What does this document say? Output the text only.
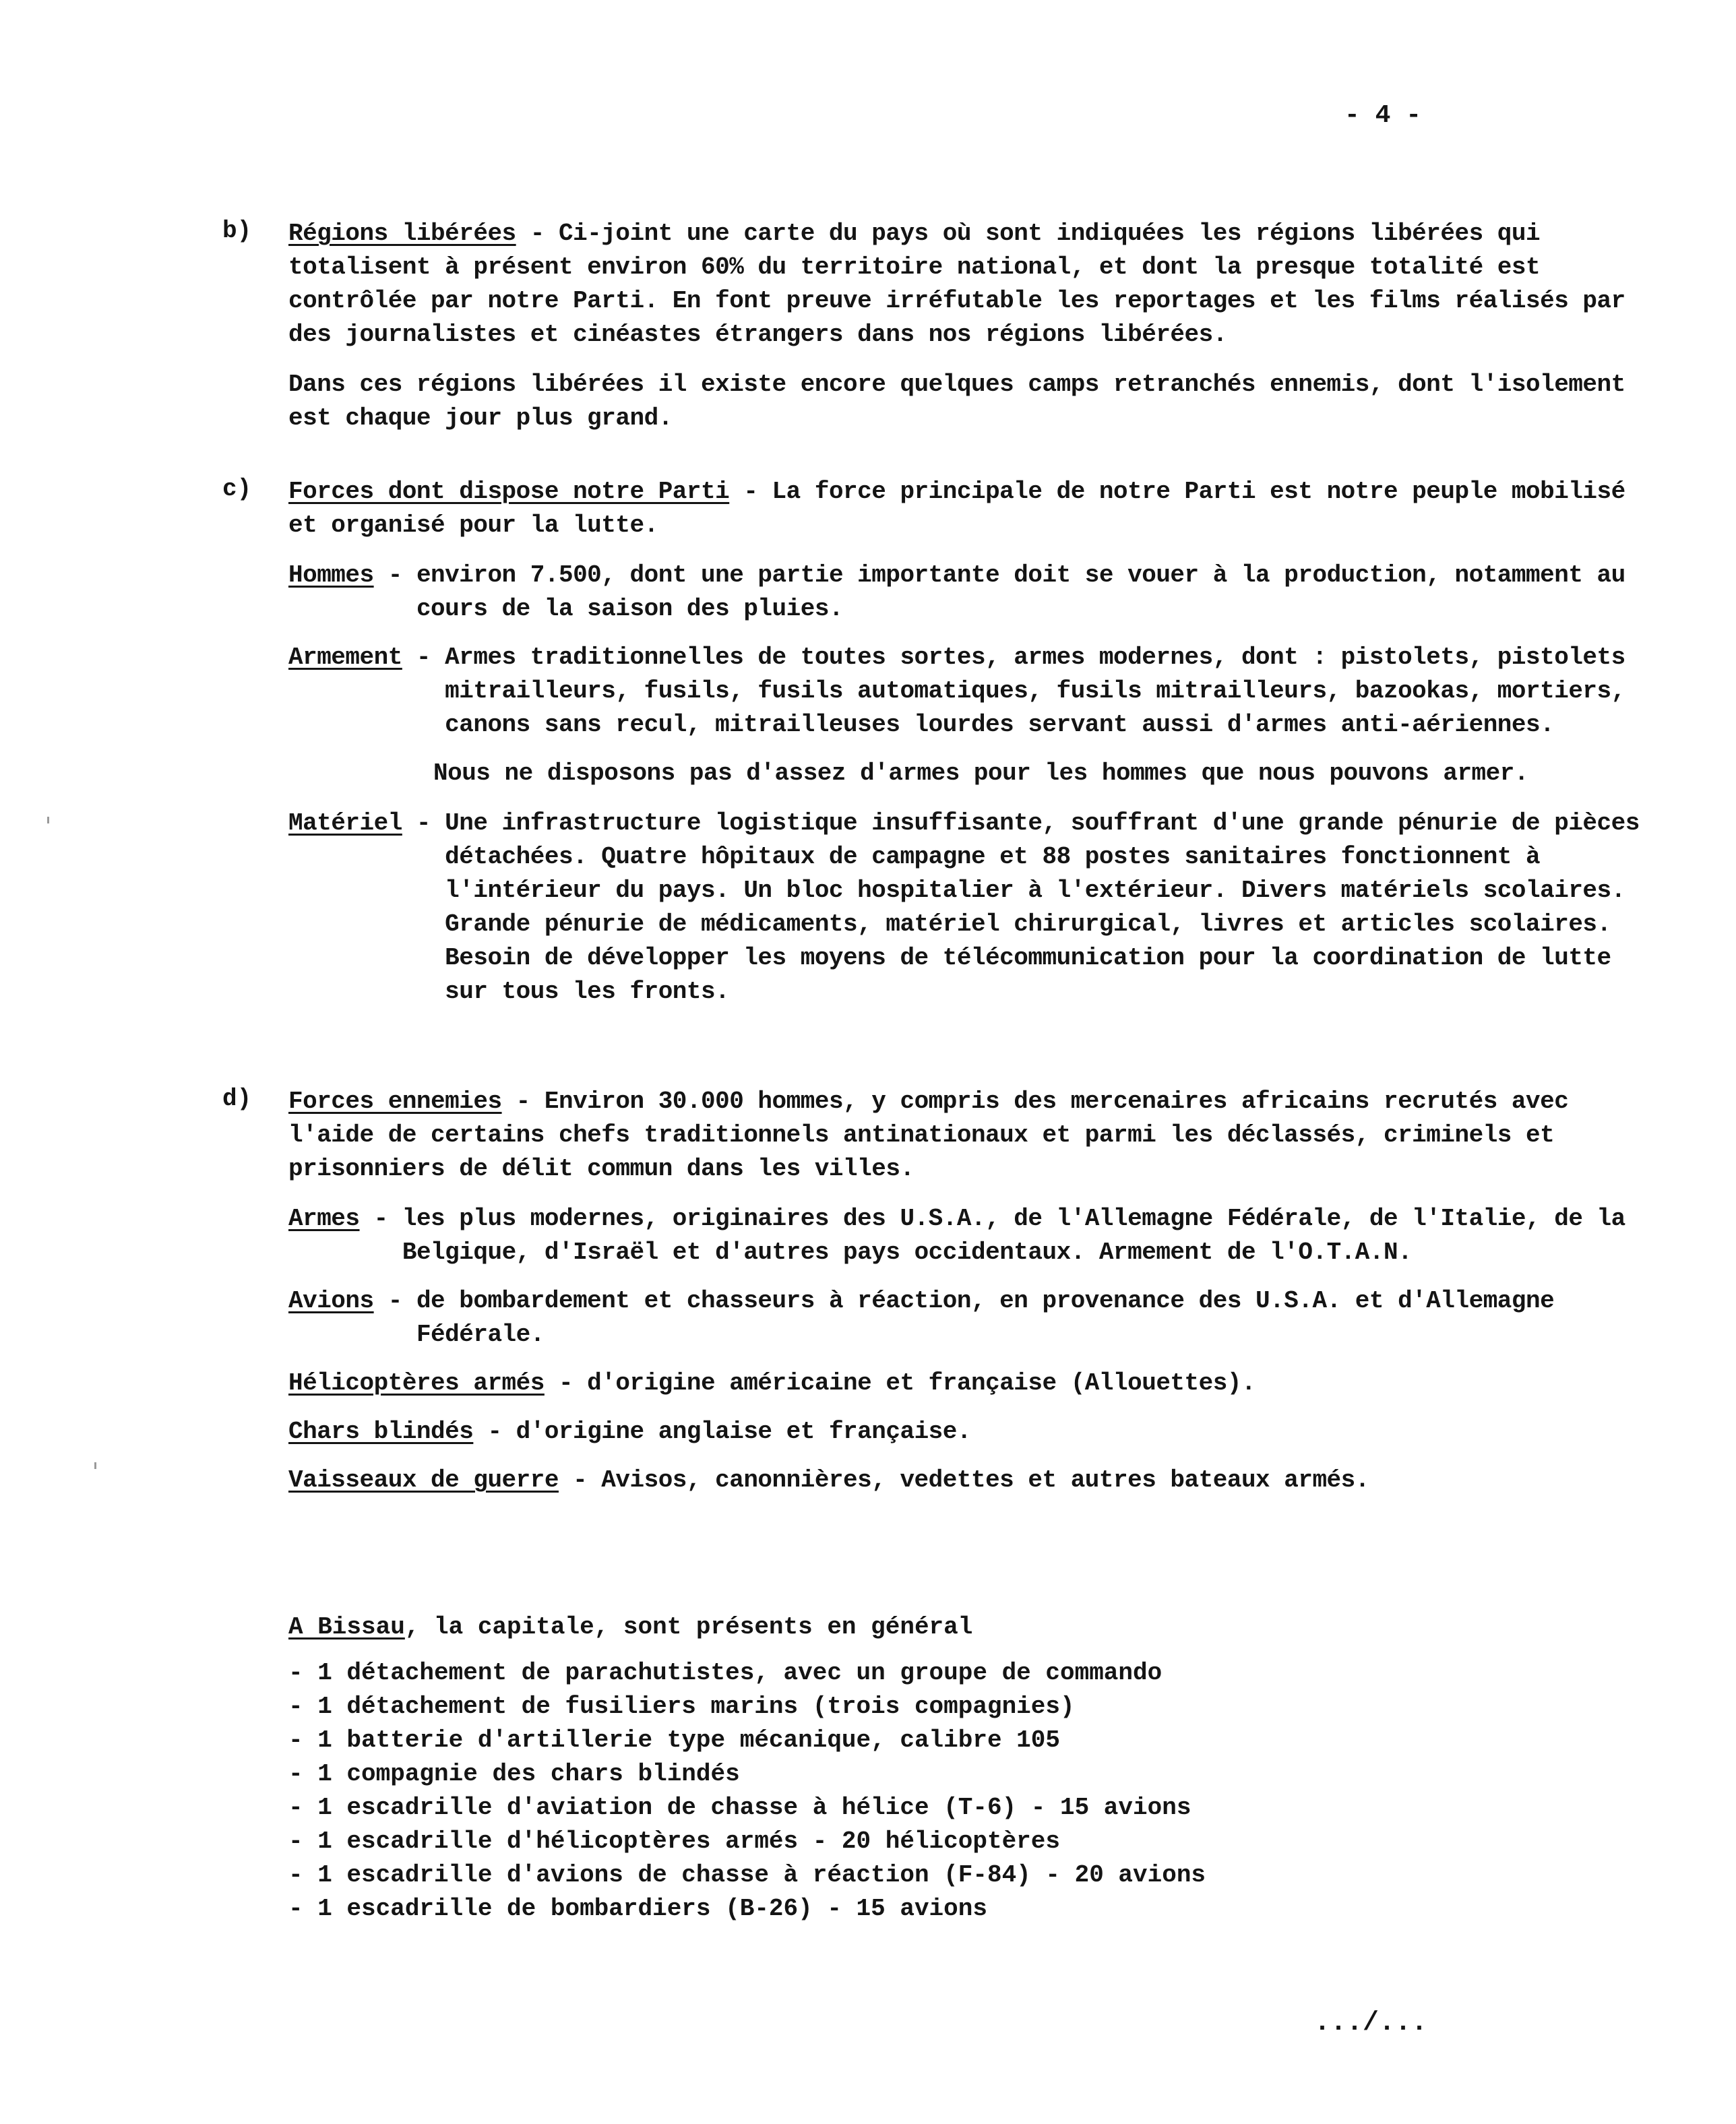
- 4 -
b) Régions libérées - Ci-joint une carte du pays où sont indiquées les régions libérées qui totalisent à présent environ 60% du territoire national, et dont la presque totalité est contrôlée par notre Parti. En font preuve irréfutable les reportages et les films réalisés par des journalistes et cinéastes étrangers dans nos régions libérées.

Dans ces régions libérées il existe encore quelques camps retranchés ennemis, dont l'isolement est chaque jour plus grand.

c) Forces dont dispose notre Parti - La force principale de notre Parti est notre peuple mobilisé et organisé pour la lutte.

Hommes - environ 7.500, dont une partie importante doit se vouer à la production, notamment au cours de la saison des pluies.
Armement - Armes traditionnelles de toutes sortes, armes modernes, dont : pistolets, pistolets mitrailleurs, fusils, fusils automatiques, fusils mitrailleurs, bazookas, mortiers, canons sans recul, mitrailleuses lourdes servant aussi d'armes anti-aériennes.

Nous ne disposons pas d'assez d'armes pour les hommes que nous pouvons armer.

Matériel - Une infrastructure logistique insuffisante, souffrant d'une grande pénurie de pièces détachées. Quatre hôpitaux de campagne et 88 postes sanitaires fonctionnent à l'intérieur du pays. Un bloc hospitalier à l'extérieur. Divers matériels scolaires. Grande pénurie de médicaments, matériel chirurgical, livres et articles scolaires. Besoin de développer les moyens de télécommunication pour la coordination de lutte sur tous les fronts.
d) Forces ennemies - Environ 30.000 hommes, y compris des mercenaires africains recrutés avec l'aide de certains chefs traditionnels antinationaux et parmi les déclassés, criminels et prisonniers de délit commun dans les villes.

Armes - les plus modernes, originaires des U.S.A., de l'Allemagne Fédérale, de l'Italie, de la Belgique, d'Israël et d'autres pays occidentaux. Armement de l'O.T.A.N.
Avions - de bombardement et chasseurs à réaction, en provenance des U.S.A. et d'Allemagne Fédérale.

Hélicoptères armés - d'origine américaine et française (Allouettes).

Chars blindés - d'origine anglaise et française.

Vaisseaux de guerre - Avisos, canonnières, vedettes et autres bateaux armés.

A Bissau, la capitale, sont présents en général
- 1 détachement de parachutistes, avec un groupe de commando
- 1 détachement de fusiliers marins (trois compagnies)
- 1 batterie d'artillerie type mécanique, calibre 105
- 1 compagnie des chars blindés
- 1 escadrille d'aviation de chasse à hélice (T-6) - 15 avions
- 1 escadrille d'hélicoptères armés - 20 hélicoptères
- 1 escadrille d'avions de chasse à réaction (F-84) - 20 avions
- 1 escadrille de bombardiers (B-26) - 15 avions
.../...
